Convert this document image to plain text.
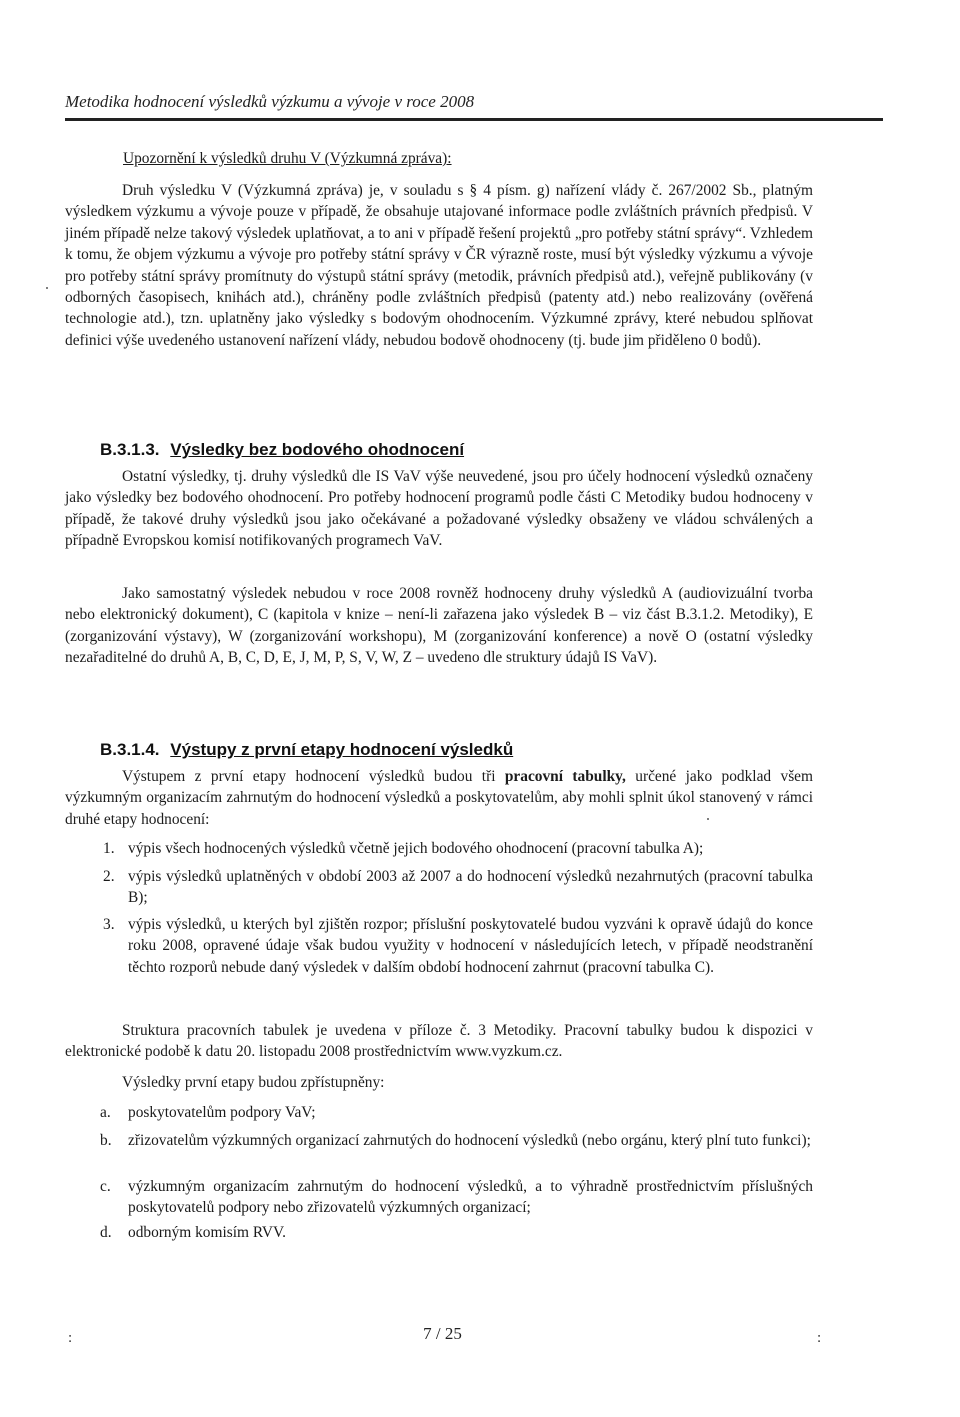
Metodika hodnocení výsledků výzkumu a vývoje v roce 2008
Upozornění k výsledků druhu V (Výzkumná zpráva):
Druh výsledku V (Výzkumná zpráva) je, v souladu s § 4 písm. g) nařízení vlády č. 267/2002 Sb., platným výsledkem výzkumu a vývoje pouze v případě, že obsahuje utajované informace podle zvláštních právních předpisů. V jiném případě nelze takový výsledek uplatňovat, a to ani v případě řešení projektů „pro potřeby státní správy“. Vzhledem k tomu, že objem výzkumu a vývoje pro potřeby státní správy v ČR výrazně roste, musí být výsledky výzkumu a vývoje pro potřeby státní správy promítnuty do výstupů státní správy (metodik, právních předpisů atd.), veřejně publikovány (v odborných časopisech, knihách atd.), chráněny podle zvláštních předpisů (patenty atd.) nebo realizovány (ověřená technologie atd.), tzn. uplatněny jako výsledky s bodovým ohodnocením. Výzkumné zprávy, které nebudou splňovat definici výše uvedeného ustanovení nařízení vlády, nebudou bodově ohodnoceny (tj. bude jim přiděleno 0 bodů).
B.3.1.3. Výsledky bez bodového ohodnocení
Ostatní výsledky, tj. druhy výsledků dle IS VaV výše neuvedené, jsou pro účely hodnocení výsledků označeny jako výsledky bez bodového ohodnocení. Pro potřeby hodnocení programů podle části C Metodiky budou hodnoceny v případě, že takové druhy výsledků jsou jako očekávané a požadované výsledky obsaženy ve vládou schválených a případně Evropskou komisí notifikovaných programech VaV.
Jako samostatný výsledek nebudou v roce 2008 rovněž hodnoceny druhy výsledků A (audiovizuální tvorba nebo elektronický dokument), C (kapitola v knize – není-li zařazena jako výsledek B – viz část B.3.1.2. Metodiky), E (zorganizování výstavy), W (zorganizování workshopu), M (zorganizování konference) a nově O (ostatní výsledky nezařaditelné do druhů A, B, C, D, E, J, M, P, S, V, W, Z – uvedeno dle struktury údajů IS VaV).
B.3.1.4. Výstupy z první etapy hodnocení výsledků
Výstupem z první etapy hodnocení výsledků budou tři pracovní tabulky, určené jako podklad všem výzkumným organizacím zahrnutým do hodnocení výsledků a poskytovatelům, aby mohli splnit úkol stanovený v rámci druhé etapy hodnocení:
1. výpis všech hodnocených výsledků včetně jejich bodového ohodnocení (pracovní tabulka A);
2. výpis výsledků uplatněných v období 2003 až 2007 a do hodnocení výsledků nezahrnutých (pracovní tabulka B);
3. výpis výsledků, u kterých byl zjištěn rozpor; příslušní poskytovatelé budou vyzváni k opravě údajů do konce roku 2008, opravené údaje však budou využity v hodnocení v následujících letech, v případě neodstranění těchto rozporů nebude daný výsledek v dalším období hodnocení zahrnut (pracovní tabulka C).
Struktura pracovních tabulek je uvedena v příloze č. 3 Metodiky. Pracovní tabulky budou k dispozici v elektronické podobě k datu 20. listopadu 2008 prostřednictvím www.vyzkum.cz.
Výsledky první etapy budou zpřístupněny:
a. poskytovatelům podpory VaV;
b. zřizovatelům výzkumných organizací zahrnutých do hodnocení výsledků (nebo orgánu, který plní tuto funkci);
c. výzkumným organizacím zahrnutým do hodnocení výsledků, a to výhradně prostřednictvím příslušných poskytovatelů podpory nebo zřizovatelů výzkumných organizací;
d. odborným komisím RVV.
:	7 / 25	:
